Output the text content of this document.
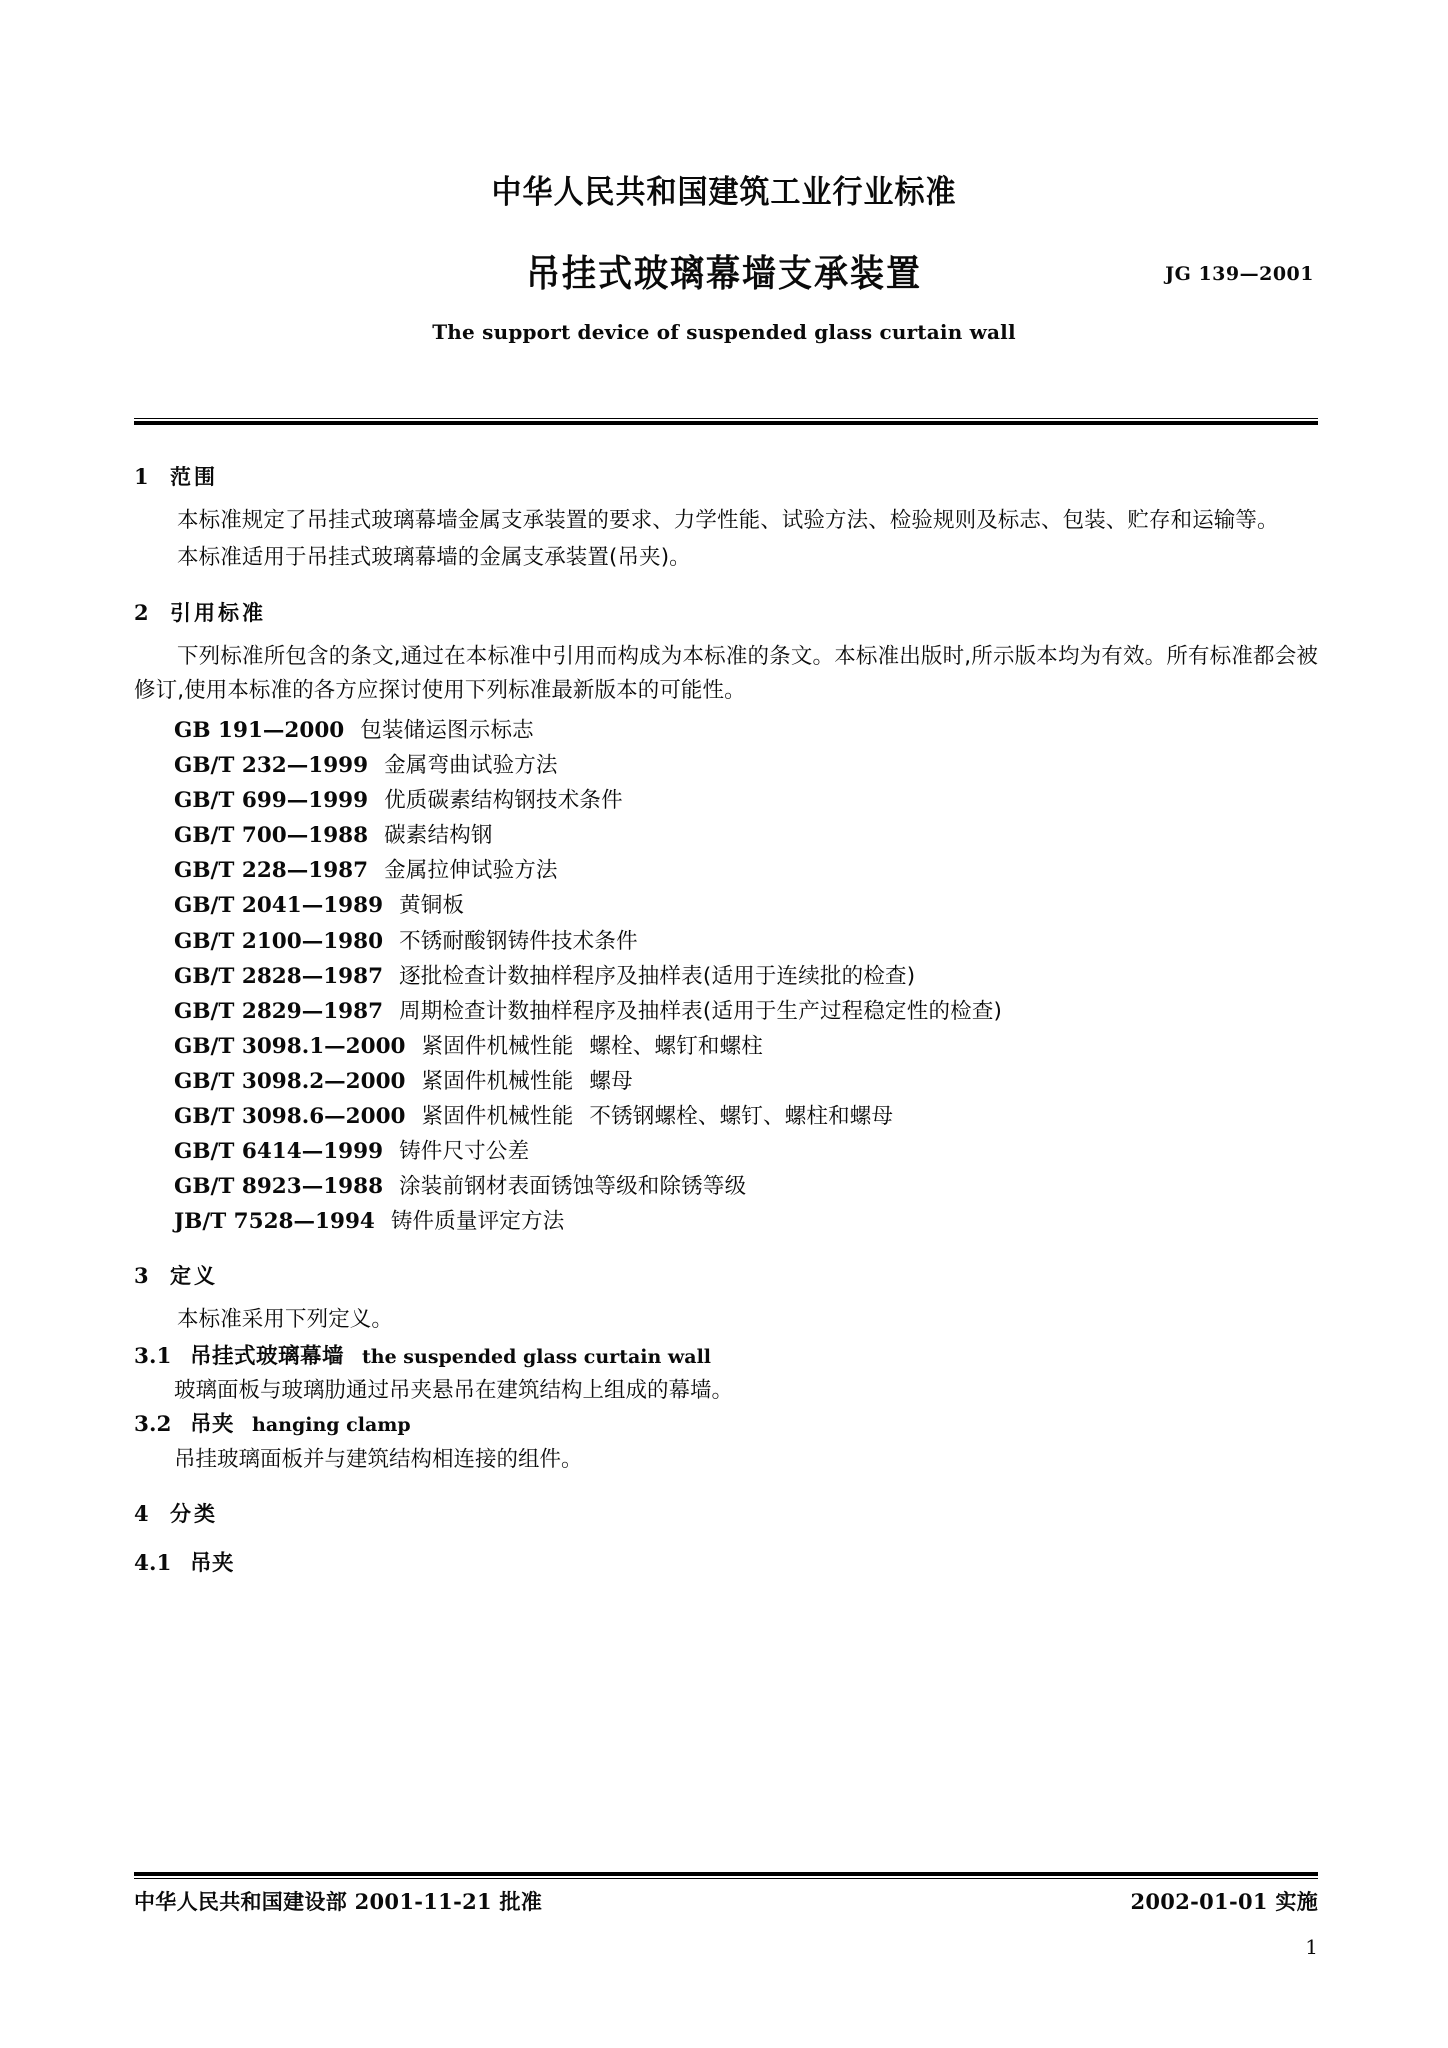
中华人民共和国建筑工业行业标准
吊挂式玻璃幕墙支承装置	JG 139—2001
The support device of suspended glass curtain wall
1 范围

本标准规定了吊挂式玻璃幕墙金属支承装置的要求、力学性能、试验方法、检验规则及标志、包装、贮存和运输等。

本标准适用于吊挂式玻璃幕墙的金属支承装置(吊夹)。

2 引用标准

下列标准所包含的条文,通过在本标准中引用而构成为本标准的条文。本标准出版时,所示版本均为有效。所有标准都会被修订,使用本标准的各方应探讨使用下列标准最新版本的可能性。

GB 191—2000 包装储运图示标志
GB/T 232—1999 金属弯曲试验方法
GB/T 699—1999 优质碳素结构钢技术条件
GB/T 700—1988 碳素结构钢
GB/T 228—1987 金属拉伸试验方法
GB/T 2041—1989 黄铜板
GB/T 2100—1980 不锈耐酸钢铸件技术条件
GB/T 2828—1987 逐批检查计数抽样程序及抽样表(适用于连续批的检查)
GB/T 2829—1987 周期检查计数抽样程序及抽样表(适用于生产过程稳定性的检查)
GB/T 3098.1—2000 紧固件机械性能 螺栓、螺钉和螺柱
GB/T 3098.2—2000 紧固件机械性能 螺母
GB/T 3098.6—2000 紧固件机械性能 不锈钢螺栓、螺钉、螺柱和螺母
GB/T 6414—1999 铸件尺寸公差
GB/T 8923—1988 涂装前钢材表面锈蚀等级和除锈等级
JB/T 7528—1994 铸件质量评定方法
3 定义

本标准采用下列定义。

3.1 吊挂式玻璃幕墙 the suspended glass curtain wall
玻璃面板与玻璃肋通过吊夹悬吊在建筑结构上组成的幕墙。
3.2 吊夹 hanging clamp
吊挂玻璃面板并与建筑结构相连接的组件。
4 分类
4.1 吊夹
中华人民共和国建设部 2001-11-21 批准	2002-01-01 实施
1
